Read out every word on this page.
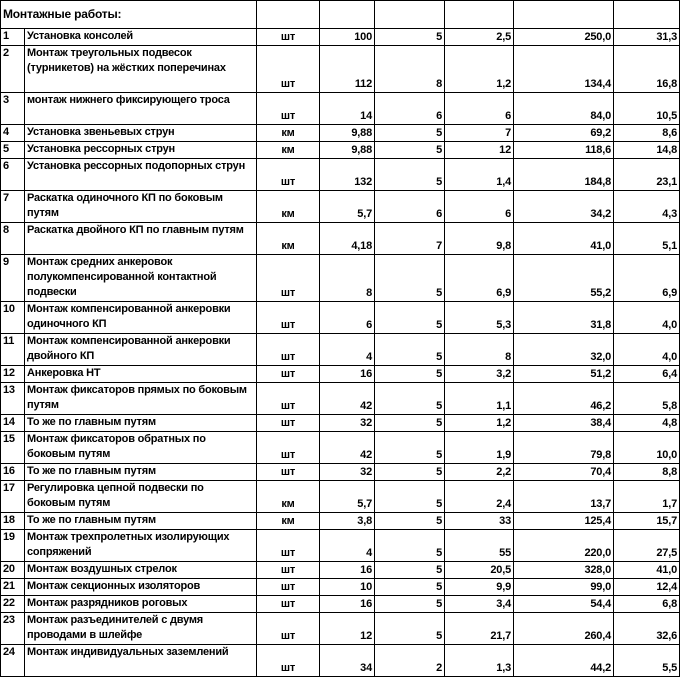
Монтажные работы:							
1	Установка консолей	шт	100	5	2,5	250,0	31,3
2	Монтаж треугольных подвесок (турникетов) на жёстких поперечинах	шт	112	8	1,2	134,4	16,8
3	монтаж нижнего фиксирующего троса	шт	14	6	6	84,0	10,5
4	Установка звеньевых струн	км	9,88	5	7	69,2	8,6
5	Установка рессорных струн	км	9,88	5	12	118,6	14,8
6	Установка рессорных подопорных струн	шт	132	5	1,4	184,8	23,1
7	Раскатка одиночного КП по боковым путям	км	5,7	6	6	34,2	4,3
8	Раскатка двойного КП по главным путям	км	4,18	7	9,8	41,0	5,1
9	Монтаж средних анкеровок полукомпенсированной контактной подвески	шт	8	5	6,9	55,2	6,9
10	Монтаж компенсированной анкеровки одиночного КП	шт	6	5	5,3	31,8	4,0
11	Монтаж компенсированной анкеровки двойного КП	шт	4	5	8	32,0	4,0
12	Анкеровка НТ	шт	16	5	3,2	51,2	6,4
13	Монтаж фиксаторов прямых по боковым путям	шт	42	5	1,1	46,2	5,8
14	То же по главным путям	шт	32	5	1,2	38,4	4,8
15	Монтаж фиксаторов обратных по боковым путям	шт	42	5	1,9	79,8	10,0
16	То же по главным путям	шт	32	5	2,2	70,4	8,8
17	Регулировка цепной подвески по боковым путям	км	5,7	5	2,4	13,7	1,7
18	То же по главным путям	км	3,8	5	33	125,4	15,7
19	Монтаж трехпролетных изолирующих сопряжений	шт	4	5	55	220,0	27,5
20	Монтаж воздушных стрелок	шт	16	5	20,5	328,0	41,0
21	Монтаж секционных изоляторов	шт	10	5	9,9	99,0	12,4
22	Монтаж разрядников роговых	шт	16	5	3,4	54,4	6,8
23	Монтаж разъединителей с двумя проводами в шлейфе	шт	12	5	21,7	260,4	32,6
24	Монтаж индивидуальных заземлений	шт	34	2	1,3	44,2	5,5
